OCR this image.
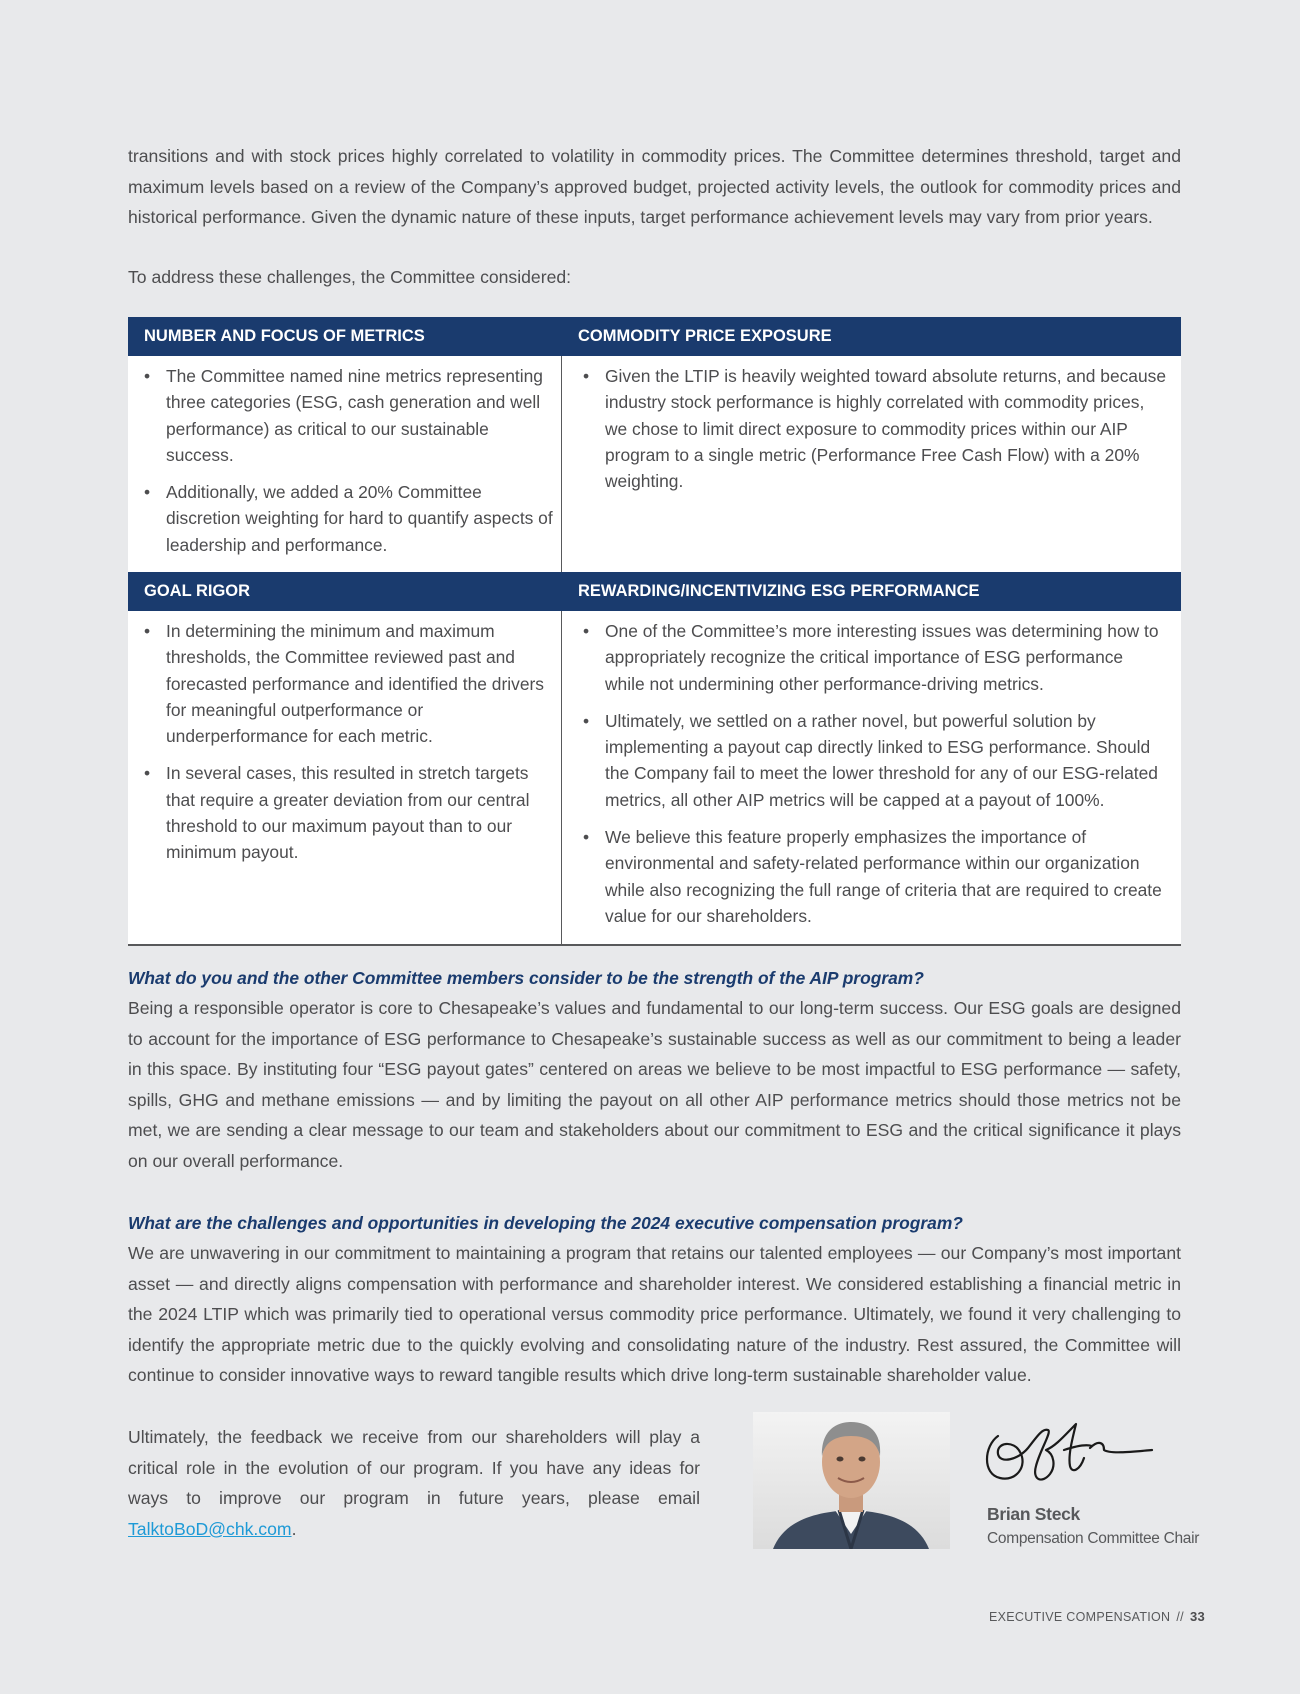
transitions and with stock prices highly correlated to volatility in commodity prices. The Committee determines threshold, target and maximum levels based on a review of the Company’s approved budget, projected activity levels, the outlook for commodity prices and historical performance. Given the dynamic nature of these inputs, target performance achievement levels may vary from prior years.

To address these challenges, the Committee considered:

NUMBER AND FOCUS OF METRICS	COMMODITY PRICE EXPOSURE
• The Committee named nine metrics representing three categories (ESG, cash generation and well performance) as critical to our sustainable success.
• Additionally, we added a 20% Committee discretion weighting for hard to quantify aspects of leadership and performance.
• Given the LTIP is heavily weighted toward absolute returns, and because industry stock performance is highly correlated with commodity prices, we chose to limit direct exposure to commodity prices within our AIP program to a single metric (Performance Free Cash Flow) with a 20% weighting.
GOAL RIGOR	REWARDING/INCENTIVIZING ESG PERFORMANCE
• In determining the minimum and maximum thresholds, the Committee reviewed past and forecasted performance and identified the drivers for meaningful outperformance or underperformance for each metric.
• In several cases, this resulted in stretch targets that require a greater deviation from our central threshold to our maximum payout than to our minimum payout.
• One of the Committee’s more interesting issues was determining how to appropriately recognize the critical importance of ESG performance while not undermining other performance-driving metrics.
• Ultimately, we settled on a rather novel, but powerful solution by implementing a payout cap directly linked to ESG performance. Should the Company fail to meet the lower threshold for any of our ESG-related metrics, all other AIP metrics will be capped at a payout of 100%.
• We believe this feature properly emphasizes the importance of environmental and safety-related performance within our organization while also recognizing the full range of criteria that are required to create value for our shareholders.

What do you and the other Committee members consider to be the strength of the AIP program?

Being a responsible operator is core to Chesapeake’s values and fundamental to our long-term success. Our ESG goals are designed to account for the importance of ESG performance to Chesapeake’s sustainable success as well as our commitment to being a leader in this space. By instituting four “ESG payout gates” centered on areas we believe to be most impactful to ESG performance — safety, spills, GHG and methane emissions — and by limiting the payout on all other AIP performance metrics should those metrics not be met, we are sending a clear message to our team and stakeholders about our commitment to ESG and the critical significance it plays on our overall performance.

What are the challenges and opportunities in developing the 2024 executive compensation program?

We are unwavering in our commitment to maintaining a program that retains our talented employees — our Company’s most important asset — and directly aligns compensation with performance and shareholder interest. We considered establishing a financial metric in the 2024 LTIP which was primarily tied to operational versus commodity price performance. Ultimately, we found it very challenging to identify the appropriate metric due to the quickly evolving and consolidating nature of the industry. Rest assured, the Committee will continue to consider innovative ways to reward tangible results which drive long-term sustainable shareholder value.

Ultimately, the feedback we receive from our shareholders will play a critical role in the evolution of our program. If you have any ideas for ways to improve our program in future years, please email TalktoBoD@chk.com.

Brian Steck

Compensation Committee Chair

EXECUTIVE COMPENSATION // 33
